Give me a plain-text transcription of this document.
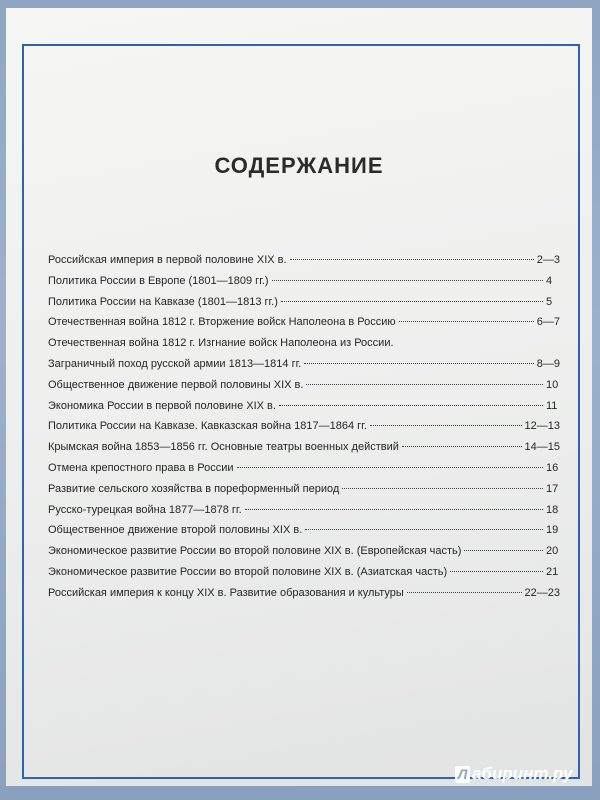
СОДЕРЖАНИЕ
Российская империя в первой половине XIX в.	2—3
Политика России в Европе (1801—1809 гг.)	4
Политика России на Кавказе (1801—1813 гг.)	5
Отечественная война 1812 г. Вторжение войск Наполеона в Россию	6—7
Отечественная война 1812 г. Изгнание войск Наполеона из России.
Заграничный поход русской армии 1813—1814 гг.	8—9
Общественное движение первой половины XIX в.	10
Экономика России в первой половине XIX в.	11
Политика России на Кавказе. Кавказская война 1817—1864 гг.	12—13
Крымская война 1853—1856 гг. Основные театры военных действий	14—15
Отмена крепостного права в России	16
Развитие сельского хозяйства в пореформенный период	17
Русско-турецкая война 1877—1878 гг.	18
Общественное движение второй половины XIX в.	19
Экономическое развитие России во второй половине XIX в. (Европейская часть)	20
Экономическое развитие России во второй половине XIX в. (Азиатская часть)	21
Российская империя к концу XIX в. Развитие образования и культуры	22—23
Л абиринт.ру
